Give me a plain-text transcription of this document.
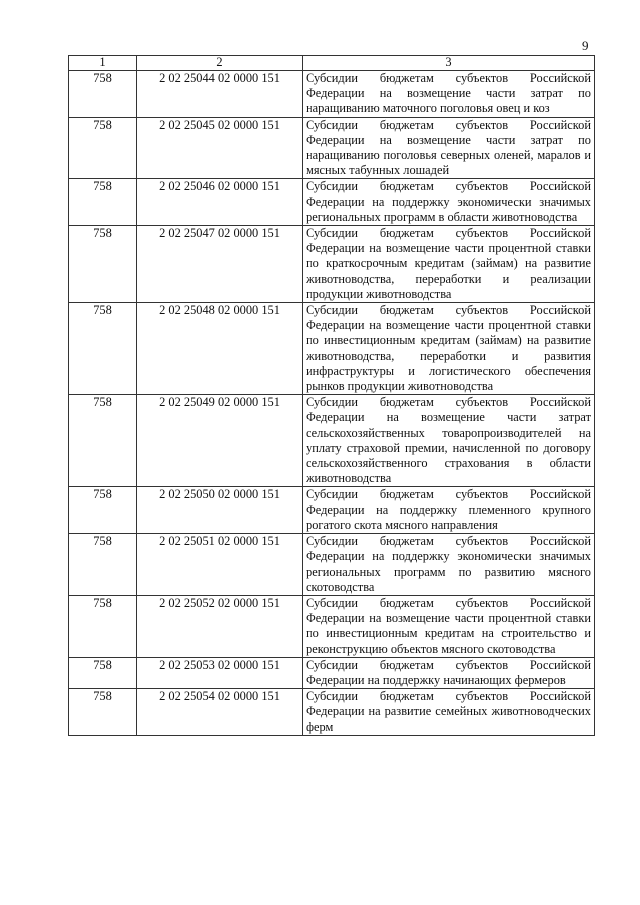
9
1	2	3
758	2 02 25044 02 0000 151	Субсидии бюджетам субъектов Российской Федерации на возмещение части затрат по наращиванию маточного поголовья овец и коз
758	2 02 25045 02 0000 151	Субсидии бюджетам субъектов Российской Федерации на возмещение части затрат по наращиванию поголовья северных оленей, маралов и мясных табунных лошадей
758	2 02 25046 02 0000 151	Субсидии бюджетам субъектов Российской Федерации на поддержку экономически значимых региональных программ в области животноводства
758	2 02 25047 02 0000 151	Субсидии бюджетам субъектов Российской Федерации на возмещение части процентной ставки по краткосрочным кредитам (займам) на развитие животноводства, переработки и реализации продукции животноводства
758	2 02 25048 02 0000 151	Субсидии бюджетам субъектов Российской Федерации на возмещение части процентной ставки по инвестиционным кредитам (займам) на развитие животноводства, переработки и развития инфраструктуры и логистического обеспечения рынков продукции животноводства
758	2 02 25049 02 0000 151	Субсидии бюджетам субъектов Российской Федерации на возмещение части затрат сельскохозяйственных товаропроизводителей на уплату страховой премии, начисленной по договору сельскохозяйственного страхования в области животноводства
758	2 02 25050 02 0000 151	Субсидии бюджетам субъектов Российской Федерации на поддержку племенного крупного рогатого скота мясного направления
758	2 02 25051 02 0000 151	Субсидии бюджетам субъектов Российской Федерации на поддержку экономически значимых региональных программ по развитию мясного скотоводства
758	2 02 25052 02 0000 151	Субсидии бюджетам субъектов Российской Федерации на возмещение части процентной ставки по инвестиционным кредитам на строительство и реконструкцию объектов мясного скотоводства
758	2 02 25053 02 0000 151	Субсидии бюджетам субъектов Российской Федерации на поддержку начинающих фермеров
758	2 02 25054 02 0000 151	Субсидии бюджетам субъектов Российской Федерации на развитие семейных животноводческих ферм
